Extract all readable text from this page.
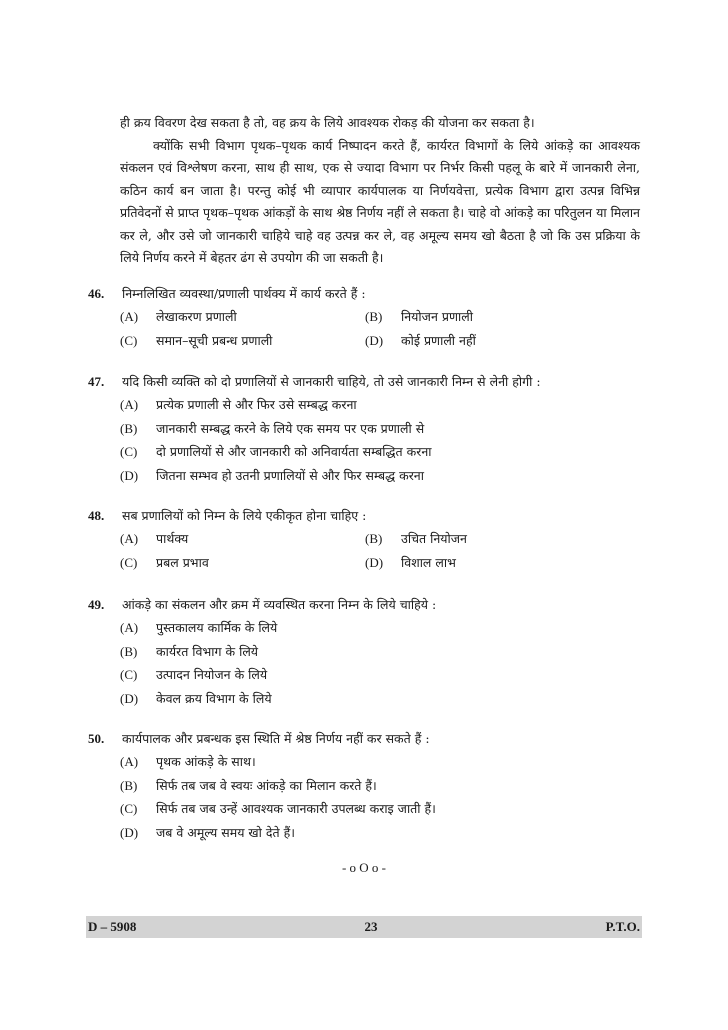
ही क्रय विवरण देख सकता है तो, वह क्रय के लिये आवश्यक रोकड़ की योजना कर सकता है।

क्योंकि सभी विभाग पृथक–पृथक कार्य निष्पादन करते हैं, कार्यरत विभागों के लिये आंकड़े का आवश्यक संकलन एवं विश्लेषण करना, साथ ही साथ, एक से ज्यादा विभाग पर निर्भर किसी पहलू के बारे में जानकारी लेना, कठिन कार्य बन जाता है। परन्तु कोई भी व्यापार कार्यपालक या निर्णयवेत्ता, प्रत्येक विभाग द्वारा उत्पन्न विभिन्न प्रतिवेदनों से प्राप्त पृथक–पृथक आंकड़ों के साथ श्रेष्ठ निर्णय नहीं ले सकता है। चाहे वो आंकड़े का परितुलन या मिलान कर ले, और उसे जो जानकारी चाहिये चाहे वह उत्पन्न कर ले, वह अमूल्य समय खो बैठता है जो कि उस प्रक्रिया के लिये निर्णय करने में बेहतर ढंग से उपयोग की जा सकती है।

46.	निम्नलिखित व्यवस्था/प्रणाली पार्थक्य में कार्य करते हैं :
(A)	लेखाकरण प्रणाली	(B)	नियोजन प्रणाली
(C)	समान–सूची प्रबन्ध प्रणाली	(D)	कोई प्रणाली नहीं
47.	यदि किसी व्यक्ति को दो प्रणालियों से जानकारी चाहिये, तो उसे जानकारी निम्न से लेनी होगी :
(A)	प्रत्येक प्रणाली से और फिर उसे सम्बद्ध करना
(B)	जानकारी सम्बद्ध करने के लिये एक समय पर एक प्रणाली से
(C)	दो प्रणालियों से और जानकारी को अनिवार्यता सम्बद्धित करना
(D)	जितना सम्भव हो उतनी प्रणालियों से और फिर सम्बद्ध करना
48.	सब प्रणालियों को निम्न के लिये एकीकृत होना चाहिए :
(A)	पार्थक्य	(B)	उचित नियोजन
(C)	प्रबल प्रभाव	(D)	विशाल लाभ
49.	आंकड़े का संकलन और क्रम में व्यवस्थित करना निम्न के लिये चाहिये :
(A)	पुस्तकालय कार्मिक के लिये
(B)	कार्यरत विभाग के लिये
(C)	उत्पादन नियोजन के लिये
(D)	केवल क्रय विभाग के लिये
50.	कार्यपालक और प्रबन्धक इस स्थिति में श्रेष्ठ निर्णय नहीं कर सकते हैं :
(A)	पृथक आंकड़े के साथ।
(B)	सिर्फ तब जब वे स्वयः आंकड़े का मिलान करते हैं।
(C)	सिर्फ तब जब उन्हें आवश्यक जानकारी उपलब्ध कराइ जाती हैं।
(D)	जब वे अमूल्य समय खो देते हैं।
- o O o -
D – 5908	23	P.T.O.
